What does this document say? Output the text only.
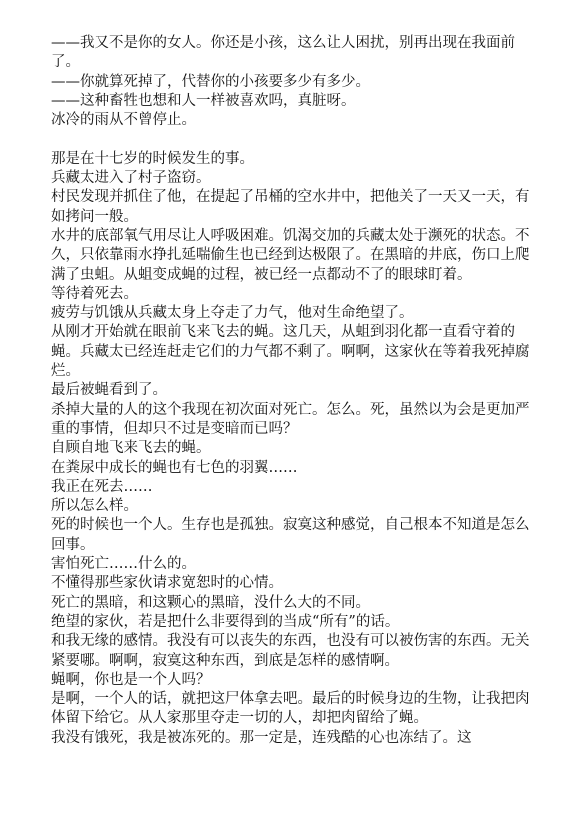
——我又不是你的女人。你还是小孩，这么让人困扰，别再出现在我面前了。

——你就算死掉了，代替你的小孩要多少有多少。

——这种畜牲也想和人一样被喜欢吗，真脏呀。

冰冷的雨从不曾停止。

那是在十七岁的时候发生的事。

兵藏太进入了村子盗窃。

村民发现并抓住了他，在提起了吊桶的空水井中，把他关了一天又一天，有如拷问一般。

水井的底部氧气用尽让人呼吸困难。饥渴交加的兵藏太处于濒死的状态。不久，只依靠雨水挣扎延喘偷生也已经到达极限了。在黑暗的井底，伤口上爬满了虫蛆。从蛆变成蝇的过程，被已经一点都动不了的眼球盯着。

等待着死去。

疲劳与饥饿从兵藏太身上夺走了力气，他对生命绝望了。

从刚才开始就在眼前飞来飞去的蝇。这几天，从蛆到羽化都一直看守着的蝇。兵藏太已经连赶走它们的力气都不剩了。啊啊，这家伙在等着我死掉腐烂。

最后被蝇看到了。

杀掉大量的人的这个我现在初次面对死亡。怎么。死，虽然以为会是更加严重的事情，但却只不过是变暗而已吗？

自顾自地飞来飞去的蝇。

在粪尿中成长的蝇也有七色的羽翼……

我正在死去……

所以怎么样。

死的时候也一个人。生存也是孤独。寂寞这种感觉，自己根本不知道是怎么回事。

害怕死亡……什么的。

不懂得那些家伙请求宽恕时的心情。

死亡的黑暗，和这颗心的黑暗，没什么大的不同。

绝望的家伙，若是把什么非要得到的当成“所有”的话。

和我无缘的感情。我没有可以丧失的东西，也没有可以被伤害的东西。无关紧要哪。啊啊，寂寞这种东西，到底是怎样的感情啊。

蝇啊，你也是一个人吗？

是啊，一个人的话，就把这尸体拿去吧。最后的时候身边的生物，让我把肉体留下给它。从人家那里夺走一切的人，却把肉留给了蝇。

我没有饿死，我是被冻死的。那一定是，连残酷的心也冻结了。这
